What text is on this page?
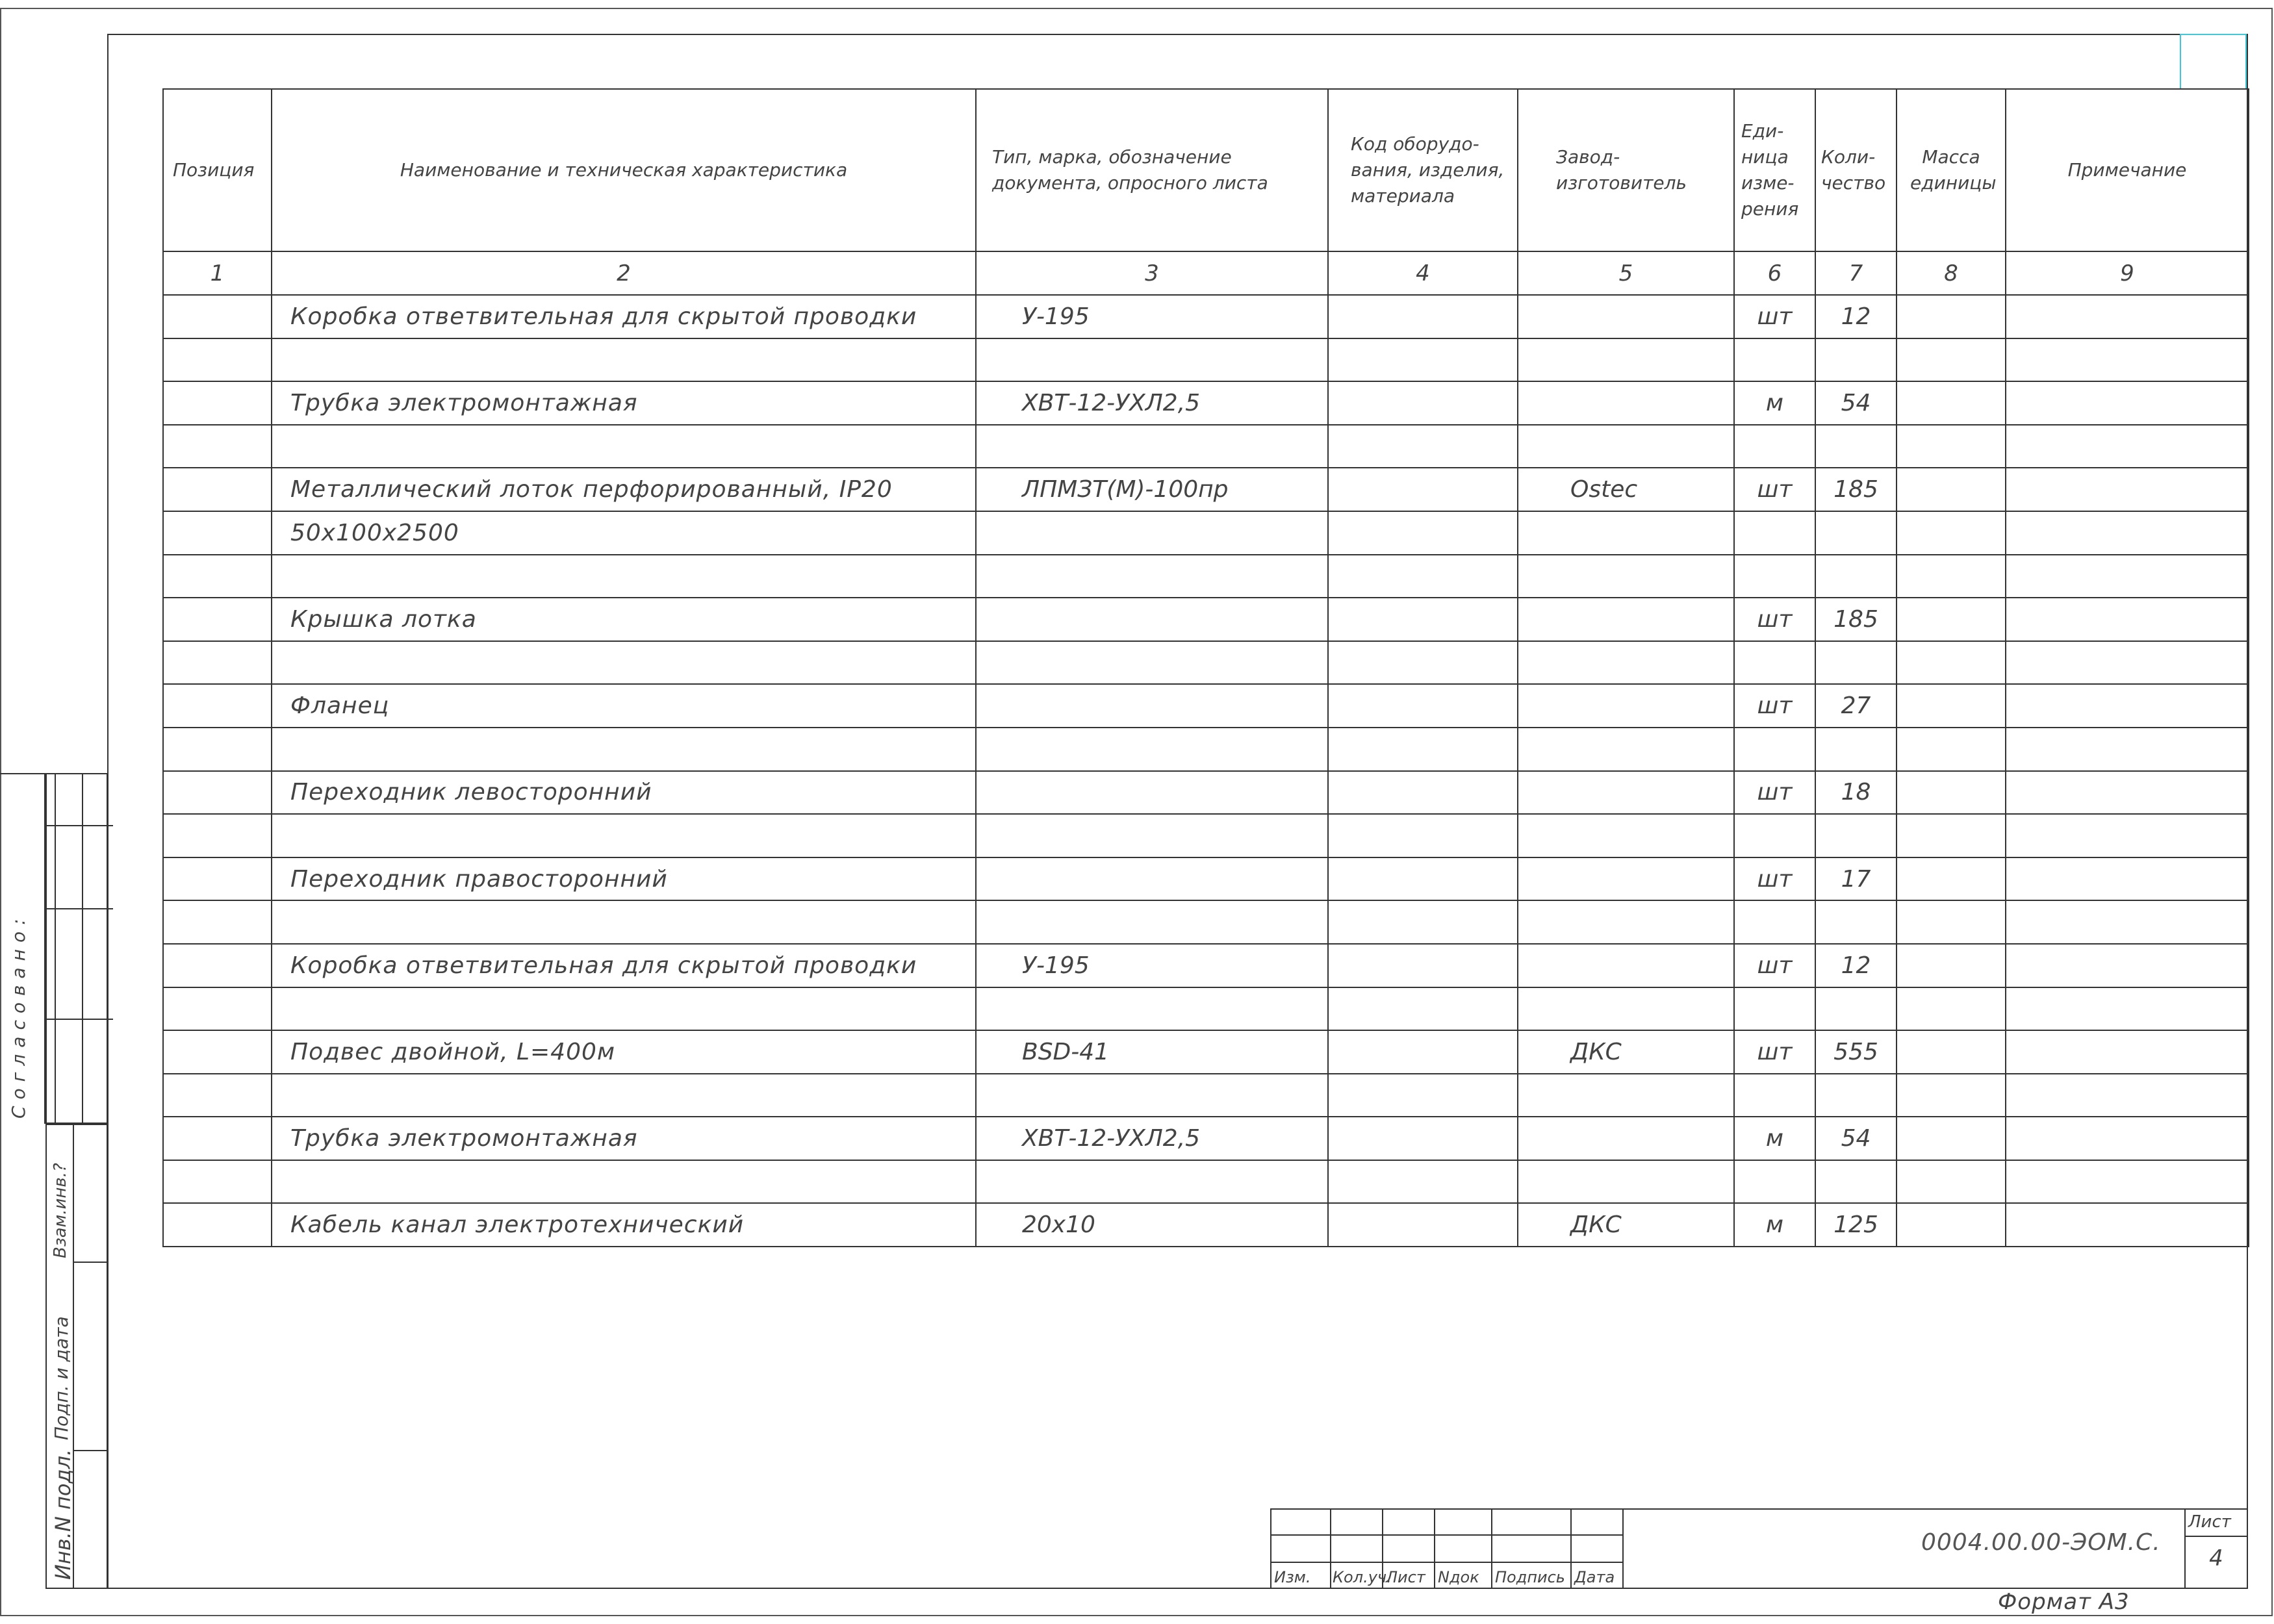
Позиция	Наименование и техническая характеристика	Тип, марка, обозначение документа, опросного листа	Код оборудо- вания, изделия, материала	Завод- изготовитель	Еди- ница изме- рения	Коли- чество	Масса единицы	Примечание
1	2	3	4	5	6	7	8	9
	Коробка ответвительная для скрытой проводки	У-195			шт	12		

	Трубка электромонтажная	ХВТ-12-УХЛ2,5			м	54		

	Металлический лоток перфорированный, IP20	ЛПМЗТ(М)-100пр		Ostec	шт	185		
	50х100х2500							

	Крышка лотка				шт	185		

	Фланец				шт	27		

	Переходник левосторонний				шт	18		

	Переходник правосторонний				шт	17		

	Коробка ответвительная для скрытой проводки	У-195			шт	12		

	Подвес двойной, L=400м	BSD-41		ДКС	шт	555		

	Трубка электромонтажная	ХВТ-12-УХЛ2,5			м	54		

	Кабель канал электротехнический	20х10		ДКС	м	125		
Согласовано:
Взам.инв.?
Подп. и дата
Инв.N подл.	Изм. Кол.уч.
Лист Nдок Подпись Дата
0004.00.00-ЭОМ.С.
Лист
4
Формат А3
